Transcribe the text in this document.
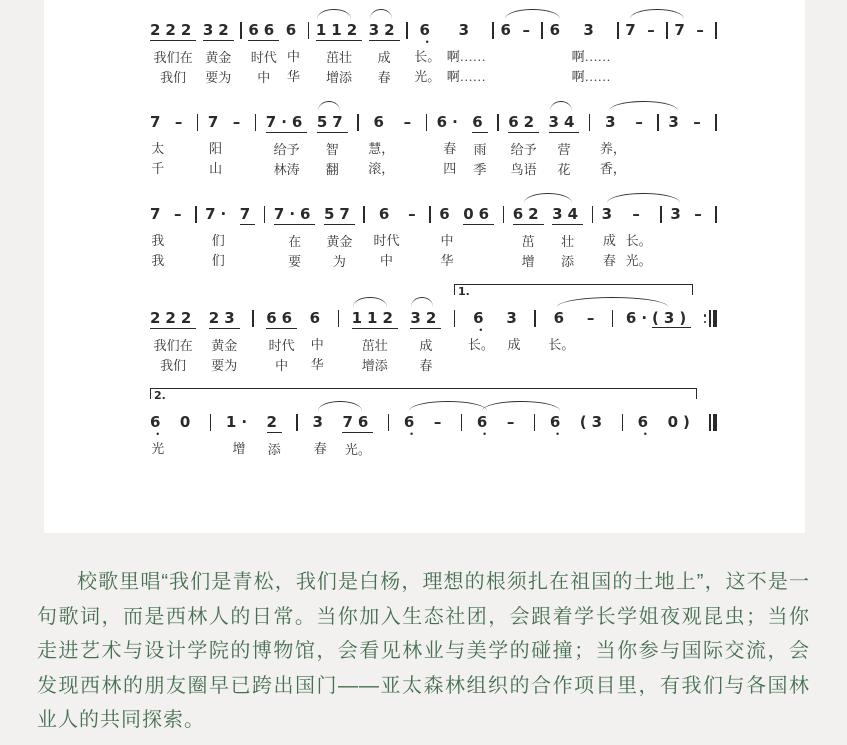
222
我们在
我们
32
黄金
要为
66
时代
中
6
中
华
112
茁壮
增添
32
成
春
6
•
长。
光。
3
啊……
啊……
6 – 6 3
啊……
啊……
7 – 7 –
7
太
千
– 7
阳
山
– 7·6
给予
林涛
57
智
翻
6
慧，
滚，
– 6·
春
四
6
雨
季
62
给予
鸟语
34
营
花
3
养，
香，
– 3 –
7
我
我
– 7·
们
们
7 7·6
在
要
57
黄金
为
6
时代
中
– 6
中
华
06 62
茁
增
34
壮
添
3
成
春
–
长。
光。
3 –
222
我们在
我们
23
黄金
要为
66
时代
中
6
中
华
112
茁壮
增添
32
成
春
6
•
长。
3
成
6
长。
– 6·(3)
1.
6
•
光
0 1·
增
2
添
3
春
76
光。
6
•
– 6
•
– 6
•
(3 6
•
0)
2.
校歌里唱“我们是青松，我们是白杨，理想的根须扎在祖国的土地上”，这不是一句歌词，而是西林人的日常。当你加入生态社团，会跟着学长学姐夜观昆虫；当你走进艺术与设计学院的博物馆，会看见林业与美学的碰撞；当你参与国际交流，会发现西林的朋友圈早已跨出国门——亚太森林组织的合作项目里，有我们与各国林业人的共同探索。
